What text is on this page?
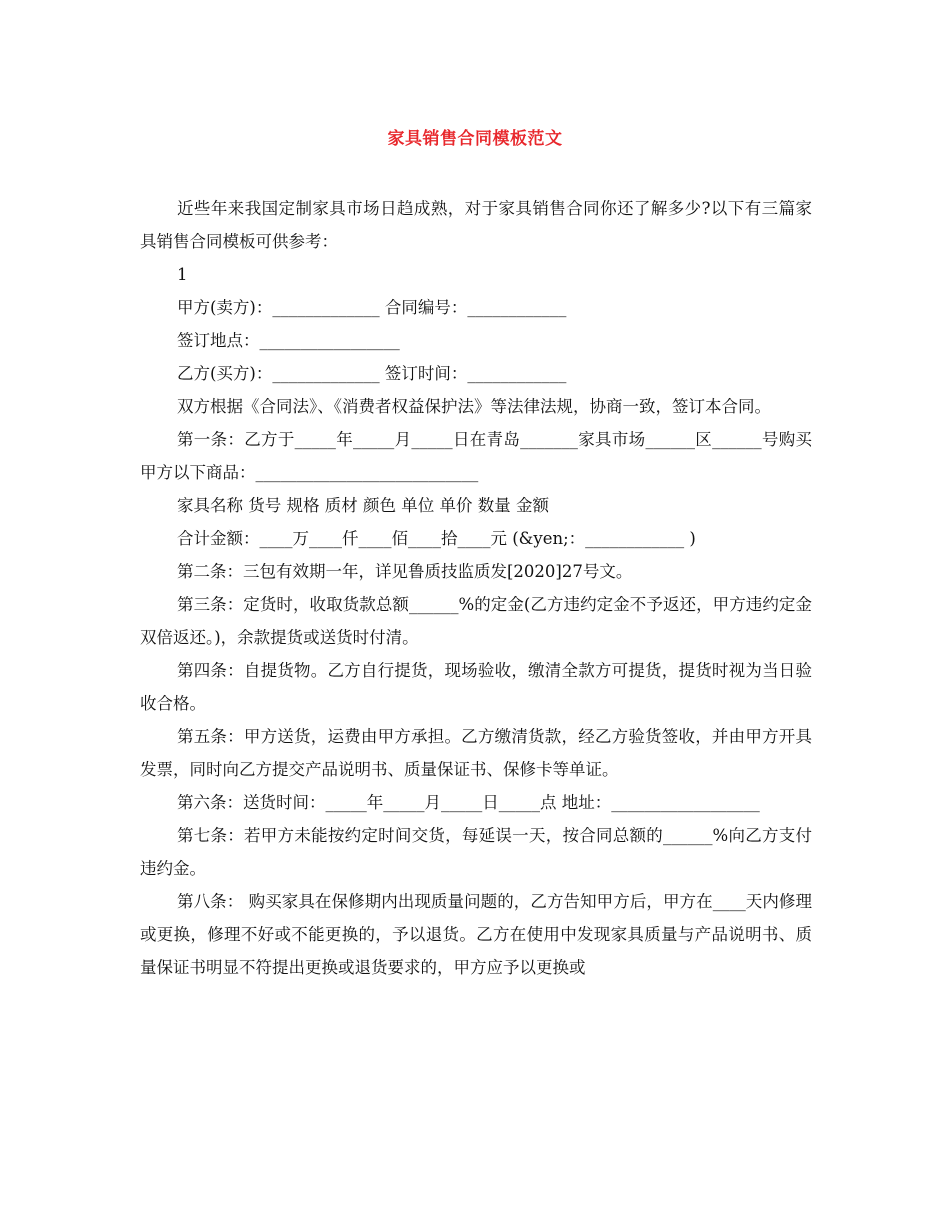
家具销售合同模板范文

近些年来我国定制家具市场日趋成熟，对于家具销售合同你还了解多少?以下有三篇家具销售合同模板可供参考：

1

甲方(卖方)：_____________ 合同编号：____________

签订地点：_________________

乙方(买方)：_____________ 签订时间：____________

双方根据《合同法》、《消费者权益保护法》等法律法规，协商一致，签订本合同。

第一条：乙方于_____年_____月_____日在青岛_______家具市场______区______号购买甲方以下商品：___________________________

家具名称 货号 规格 质材 颜色 单位 单价 数量 金额

合计金额：____万____仟____佰____拾____元 (&yen;：____________ )

第二条：三包有效期一年，详见鲁质技监质发[2020]27号文。

第三条：定货时，收取货款总额______%的定金(乙方违约定金不予返还，甲方违约定金双倍返还。)，余款提货或送货时付清。

第四条：自提货物。乙方自行提货，现场验收，缴清全款方可提货，提货时视为当日验收合格。

第五条：甲方送货，运费由甲方承担。乙方缴清货款，经乙方验货签收，并由甲方开具发票，同时向乙方提交产品说明书、质量保证书、保修卡等单证。

第六条：送货时间：_____年_____月_____日_____点 地址：__________________

第七条：若甲方未能按约定时间交货，每延误一天，按合同总额的______%向乙方支付违约金。

第八条： 购买家具在保修期内出现质量问题的，乙方告知甲方后，甲方在____天内修理或更换，修理不好或不能更换的，予以退货。乙方在使用中发现家具质量与产品说明书、质量保证书明显不符提出更换或退货要求的，甲方应予以更换或
